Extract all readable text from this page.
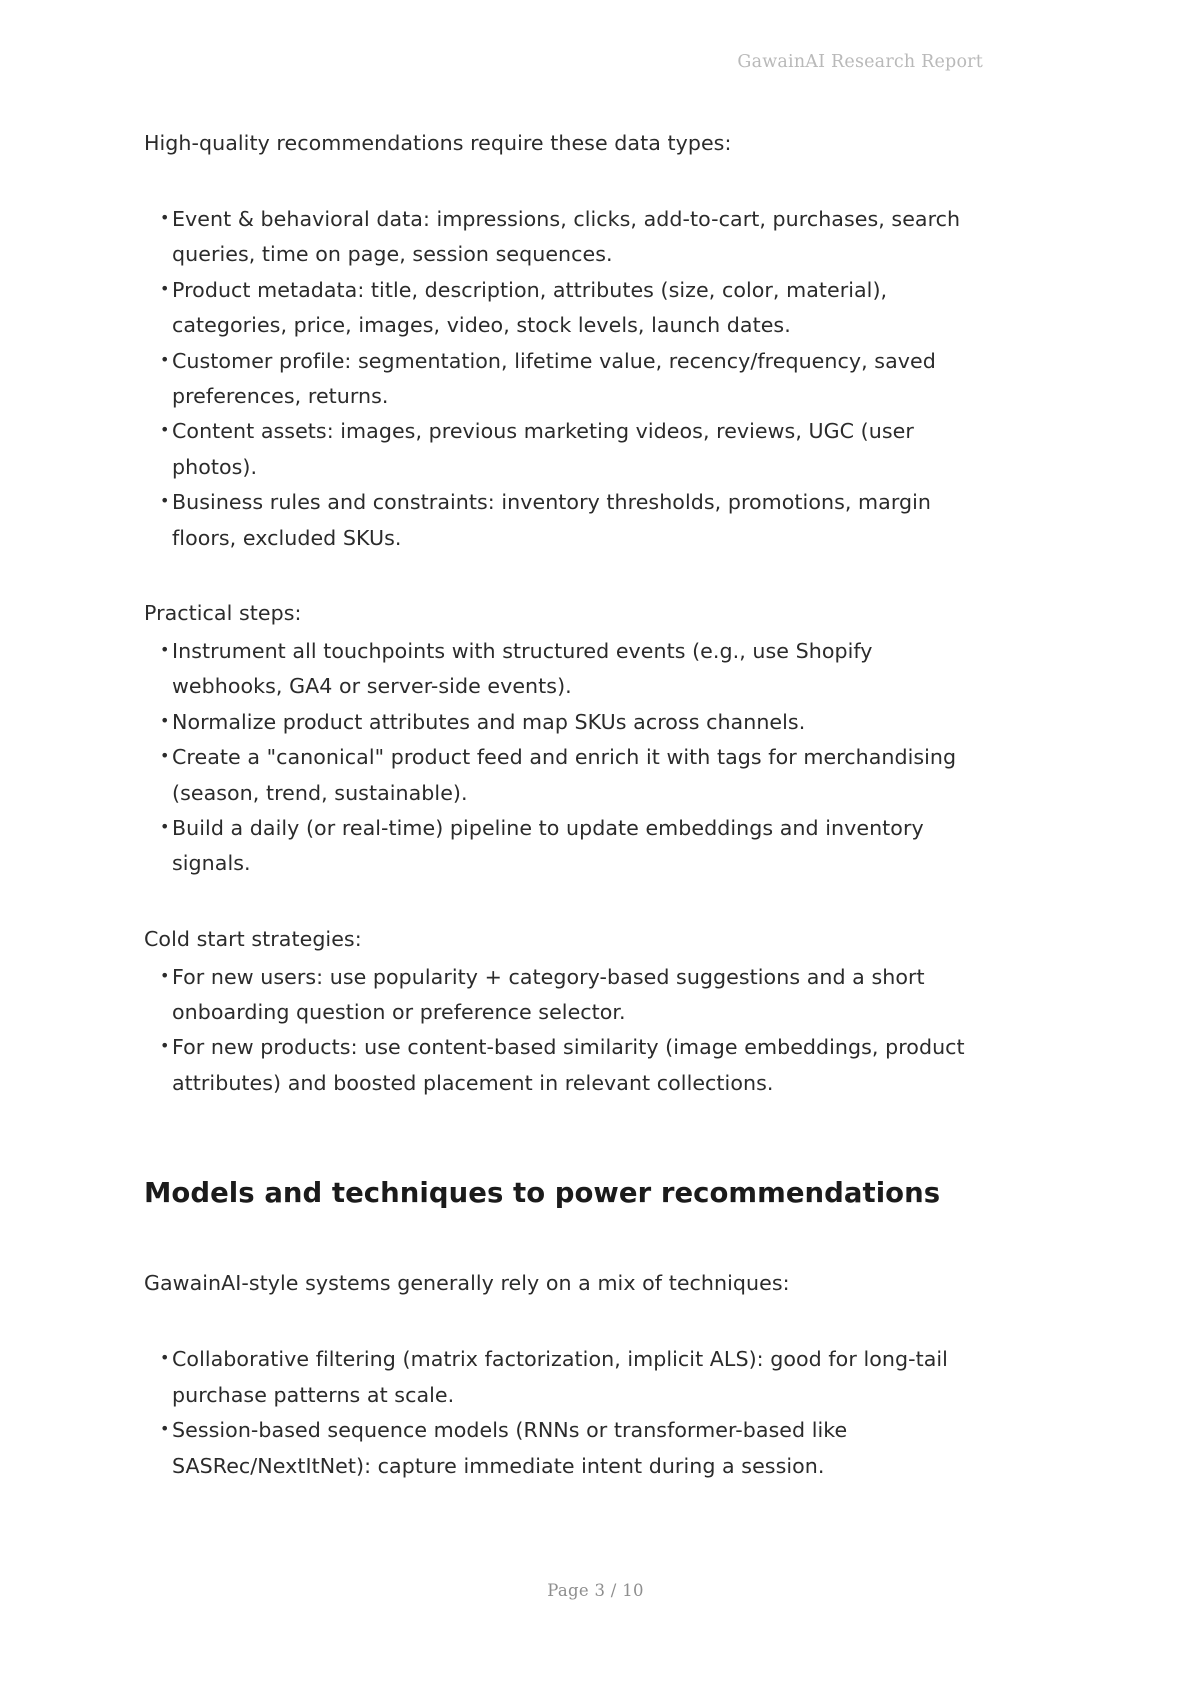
GawainAI Research Report

High-quality recommendations require these data types:

• Event & behavioral data: impressions, clicks, add-to-cart, purchases, search queries, time on page, session sequences.
• Product metadata: title, description, attributes (size, color, material), categories, price, images, video, stock levels, launch dates.
• Customer profile: segmentation, lifetime value, recency/frequency, saved preferences, returns.
• Content assets: images, previous marketing videos, reviews, UGC (user photos).
• Business rules and constraints: inventory thresholds, promotions, margin floors, excluded SKUs.

Practical steps:

• Instrument all touchpoints with structured events (e.g., use Shopify webhooks, GA4 or server-side events).
• Normalize product attributes and map SKUs across channels.
• Create a "canonical" product feed and enrich it with tags for merchandising (season, trend, sustainable).
• Build a daily (or real-time) pipeline to update embeddings and inventory signals.

Cold start strategies:

• For new users: use popularity + category-based suggestions and a short onboarding question or preference selector.
• For new products: use content-based similarity (image embeddings, product attributes) and boosted placement in relevant collections.
Models and techniques to power recommendations

GawainAI-style systems generally rely on a mix of techniques:

• Collaborative filtering (matrix factorization, implicit ALS): good for long-tail purchase patterns at scale.
• Session-based sequence models (RNNs or transformer-based like SASRec/NextItNet): capture immediate intent during a session.
Page 3 / 10
